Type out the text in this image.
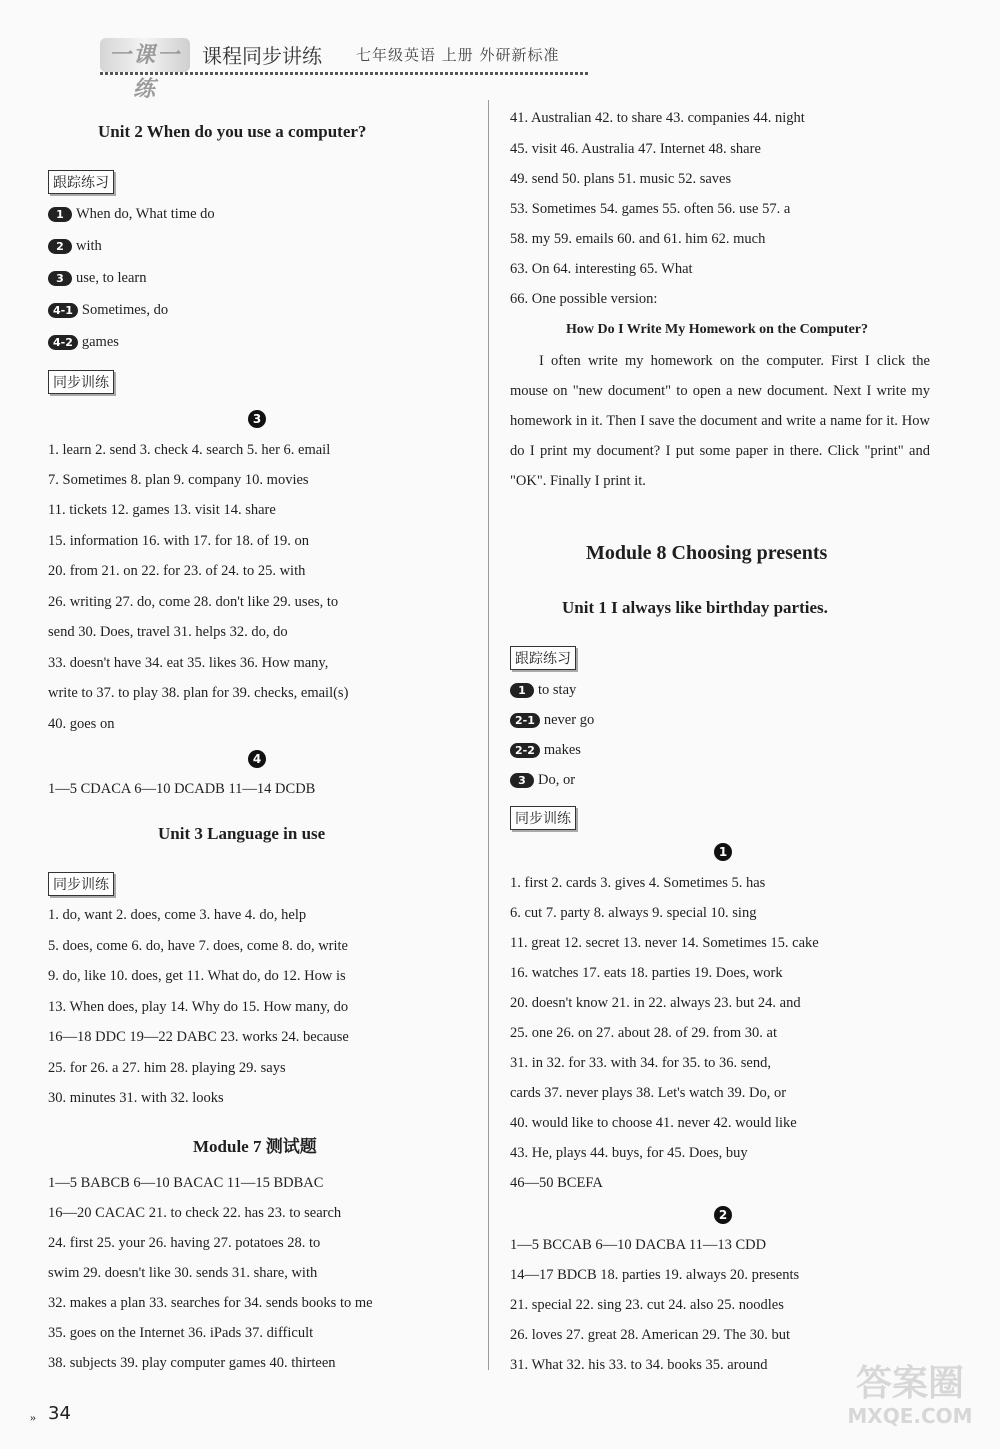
一课一练
课程同步讲练 七年级英语 上册 外研新标准
Unit 2 When do you use a computer?
跟踪练习
1 When do, What time do
2 with
3 use, to learn
4-1 Sometimes, do
4-2 games
同步训练
3
1. learn 2. send 3. check 4. search 5. her 6. email
7. Sometimes 8. plan 9. company 10. movies
11. tickets 12. games 13. visit 14. share
15. information 16. with 17. for 18. of 19. on
20. from 21. on 22. for 23. of 24. to 25. with
26. writing 27. do, come 28. don't like 29. uses, to
send 30. Does, travel 31. helps 32. do, do
33. doesn't have 34. eat 35. likes 36. How many,
write to 37. to play 38. plan for 39. checks, email(s)
40. goes on
4
1—5 CDACA 6—10 DCADB 11—14 DCDB
Unit 3 Language in use
同步训练
1. do, want 2. does, come 3. have 4. do, help
5. does, come 6. do, have 7. does, come 8. do, write
9. do, like 10. does, get 11. What do, do 12. How is
13. When does, play 14. Why do 15. How many, do
16—18 DDC 19—22 DABC 23. works 24. because
25. for 26. a 27. him 28. playing 29. says
30. minutes 31. with 32. looks
Module 7 测试题
1—5 BABCB 6—10 BACAC 11—15 BDBAC
16—20 CACAC 21. to check 22. has 23. to search
24. first 25. your 26. having 27. potatoes 28. to
swim 29. doesn't like 30. sends 31. share, with
32. makes a plan 33. searches for 34. sends books to me
35. goes on the Internet 36. iPads 37. difficult
38. subjects 39. play computer games 40. thirteen
41. Australian 42. to share 43. companies 44. night
45. visit 46. Australia 47. Internet 48. share
49. send 50. plans 51. music 52. saves
53. Sometimes 54. games 55. often 56. use 57. a
58. my 59. emails 60. and 61. him 62. much
63. On 64. interesting 65. What
66. One possible version:
How Do I Write My Homework on the Computer?
I often write my homework on the computer. First I click the mouse on "new document" to open a new document. Next I write my homework in it. Then I save the document and write a name for it. How do I print my document? I put some paper in there. Click "print" and "OK". Finally I print it.
Module 8 Choosing presents
Unit 1 I always like birthday parties.
跟踪练习
1 to stay
2-1 never go
2-2 makes
3 Do, or
同步训练
1
1. first 2. cards 3. gives 4. Sometimes 5. has
6. cut 7. party 8. always 9. special 10. sing
11. great 12. secret 13. never 14. Sometimes 15. cake
16. watches 17. eats 18. parties 19. Does, work
20. doesn't know 21. in 22. always 23. but 24. and
25. one 26. on 27. about 28. of 29. from 30. at
31. in 32. for 33. with 34. for 35. to 36. send,
cards 37. never plays 38. Let's watch 39. Do, or
40. would like to choose 41. never 42. would like
43. He, plays 44. buys, for 45. Does, buy
46—50 BCEFA
2
1—5 BCCAB 6—10 DACBA 11—13 CDD
14—17 BDCB 18. parties 19. always 20. presents
21. special 22. sing 23. cut 24. also 25. noodles
26. loves 27. great 28. American 29. The 30. but
31. What 32. his 33. to 34. books 35. around
» 34
答案圈
MXQE.COM
